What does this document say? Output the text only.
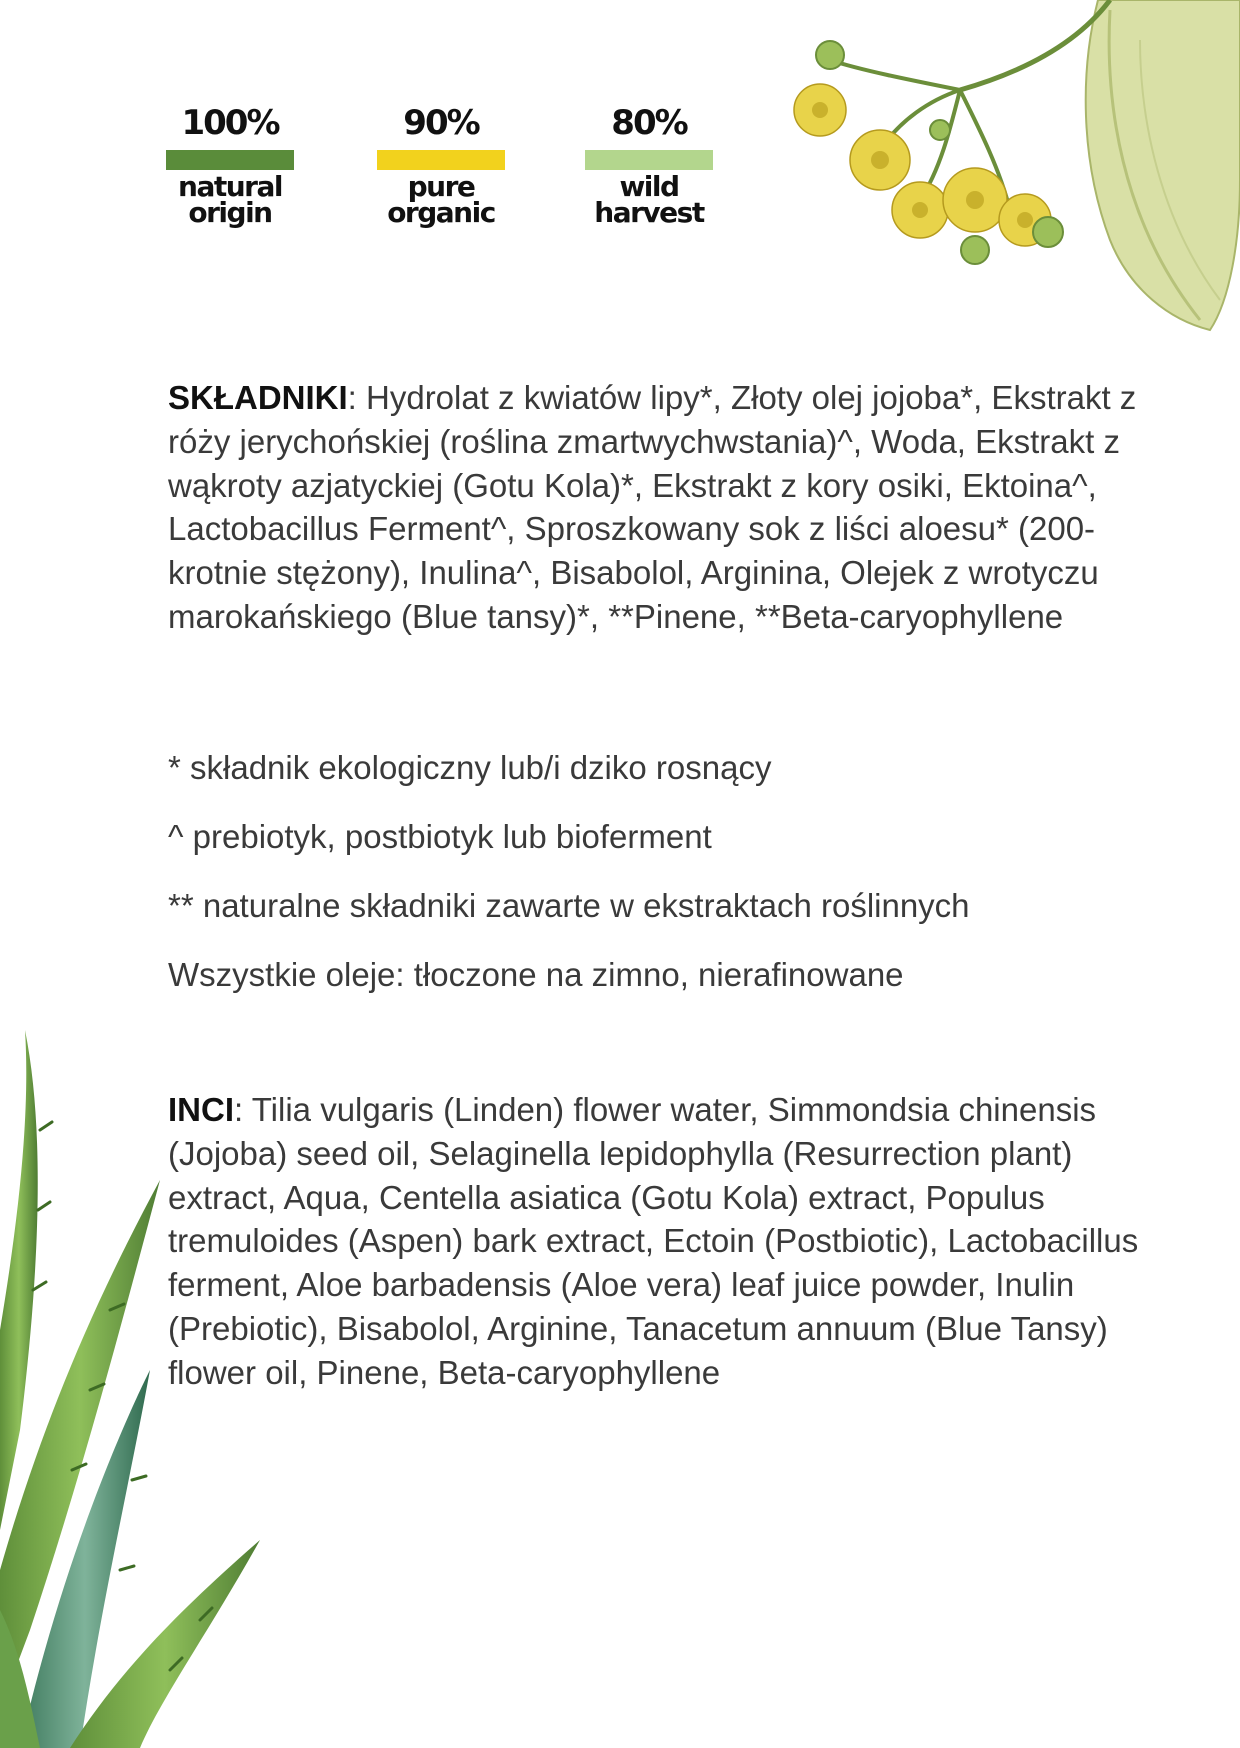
100%
natural
origin
90%
pure
organic
80%
wild
harvest

SKŁADNIKI: Hydrolat z kwiatów lipy*, Złoty olej jojoba*, Ekstrakt z róży jerychońskiej (roślina zmartwychwstania)^, Woda, Ekstrakt z wąkroty azjatyckiej (Gotu Kola)*, Ekstrakt z kory osiki, Ektoina^, Lactobacillus Ferment^, Sproszkowany sok z liści aloesu* (200-krotnie stężony), Inulina^, Bisabolol, Arginina, Olejek z wrotyczu marokańskiego (Blue tansy)*, **Pinene, **Beta-caryophyllene

* składnik ekologiczny lub/i dziko rosnący

^ prebiotyk, postbiotyk lub bioferment

** naturalne składniki zawarte w ekstraktach roślinnych

Wszystkie oleje: tłoczone na zimno, nierafinowane

INCI: Tilia vulgaris (Linden) flower water, Simmondsia chinensis (Jojoba) seed oil, Selaginella lepidophylla (Resurrection plant) extract, Aqua, Centella asiatica (Gotu Kola) extract, Populus tremuloides (Aspen) bark extract, Ectoin (Postbiotic), Lactobacillus ferment, Aloe barbadensis (Aloe vera) leaf juice powder, Inulin (Prebiotic), Bisabolol, Arginine, Tanacetum annuum (Blue Tansy) flower oil, Pinene, Beta-caryophyllene
